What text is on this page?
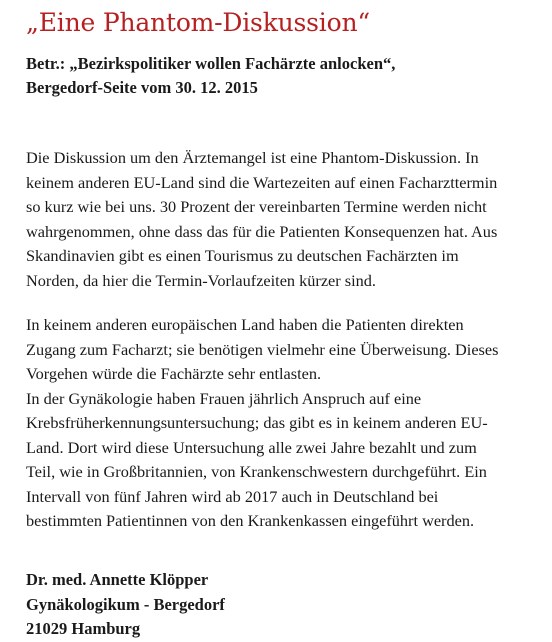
„Eine Phantom-Diskussion“
Betr.: „Bezirkspolitiker wollen Fachärzte anlocken“,
Bergedorf-Seite vom 30. 12. 2015
Die Diskussion um den Ärztemangel ist eine Phantom-Diskussion. In
keinem anderen EU-Land sind die Wartezeiten auf einen Facharzttermin
so kurz wie bei uns. 30 Prozent der vereinbarten Termine werden nicht
wahrgenommen, ohne dass das für die Patienten Konsequenzen hat. Aus
Skandinavien gibt es einen Tourismus zu deutschen Fachärzten im
Norden, da hier die Termin-Vorlaufzeiten kürzer sind.
In keinem anderen europäischen Land haben die Patienten direkten
Zugang zum Facharzt; sie benötigen vielmehr eine Überweisung. Dieses
Vorgehen würde die Fachärzte sehr entlasten.
In der Gynäkologie haben Frauen jährlich Anspruch auf eine
Krebsfrüherkennungsuntersuchung; das gibt es in keinem anderen EU-
Land. Dort wird diese Untersuchung alle zwei Jahre bezahlt und zum
Teil, wie in Großbritannien, von Krankenschwestern durchgeführt. Ein
Intervall von fünf Jahren wird ab 2017 auch in Deutschland bei
bestimmten Patientinnen von den Krankenkassen eingeführt werden.
Dr. med. Annette Klöpper
Gynäkologikum - Bergedorf
21029 Hamburg
